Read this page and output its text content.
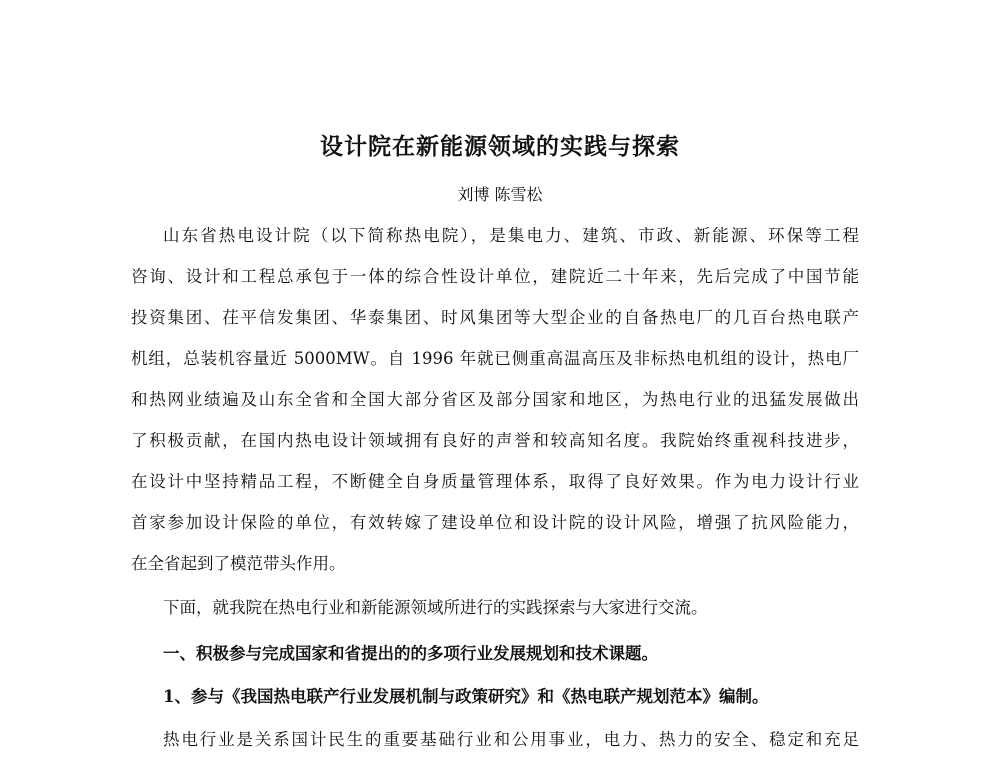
设计院在新能源领域的实践与探索
刘博 陈雪松
山东省热电设计院（以下简称热电院），是集电力、建筑、市政、新能源、环保等工程
咨询、设计和工程总承包于一体的综合性设计单位，建院近二十年来，先后完成了中国节能
投资集团、茌平信发集团、华泰集团、时风集团等大型企业的自备热电厂的几百台热电联产
机组，总装机容量近 5000MW。自 1996 年就已侧重高温高压及非标热电机组的设计，热电厂
和热网业绩遍及山东全省和全国大部分省区及部分国家和地区，为热电行业的迅猛发展做出
了积极贡献，在国内热电设计领域拥有良好的声誉和较高知名度。我院始终重视科技进步，
在设计中坚持精品工程，不断健全自身质量管理体系，取得了良好效果。作为电力设计行业
首家参加设计保险的单位，有效转嫁了建设单位和设计院的设计风险，增强了抗风险能力，
在全省起到了模范带头作用。
下面，就我院在热电行业和新能源领域所进行的实践探索与大家进行交流。
一、积极参与完成国家和省提出的的多项行业发展规划和技术课题。
1、参与《我国热电联产行业发展机制与政策研究》和《热电联产规划范本》编制。
热电行业是关系国计民生的重要基础行业和公用事业，电力、热力的安全、稳定和充足
